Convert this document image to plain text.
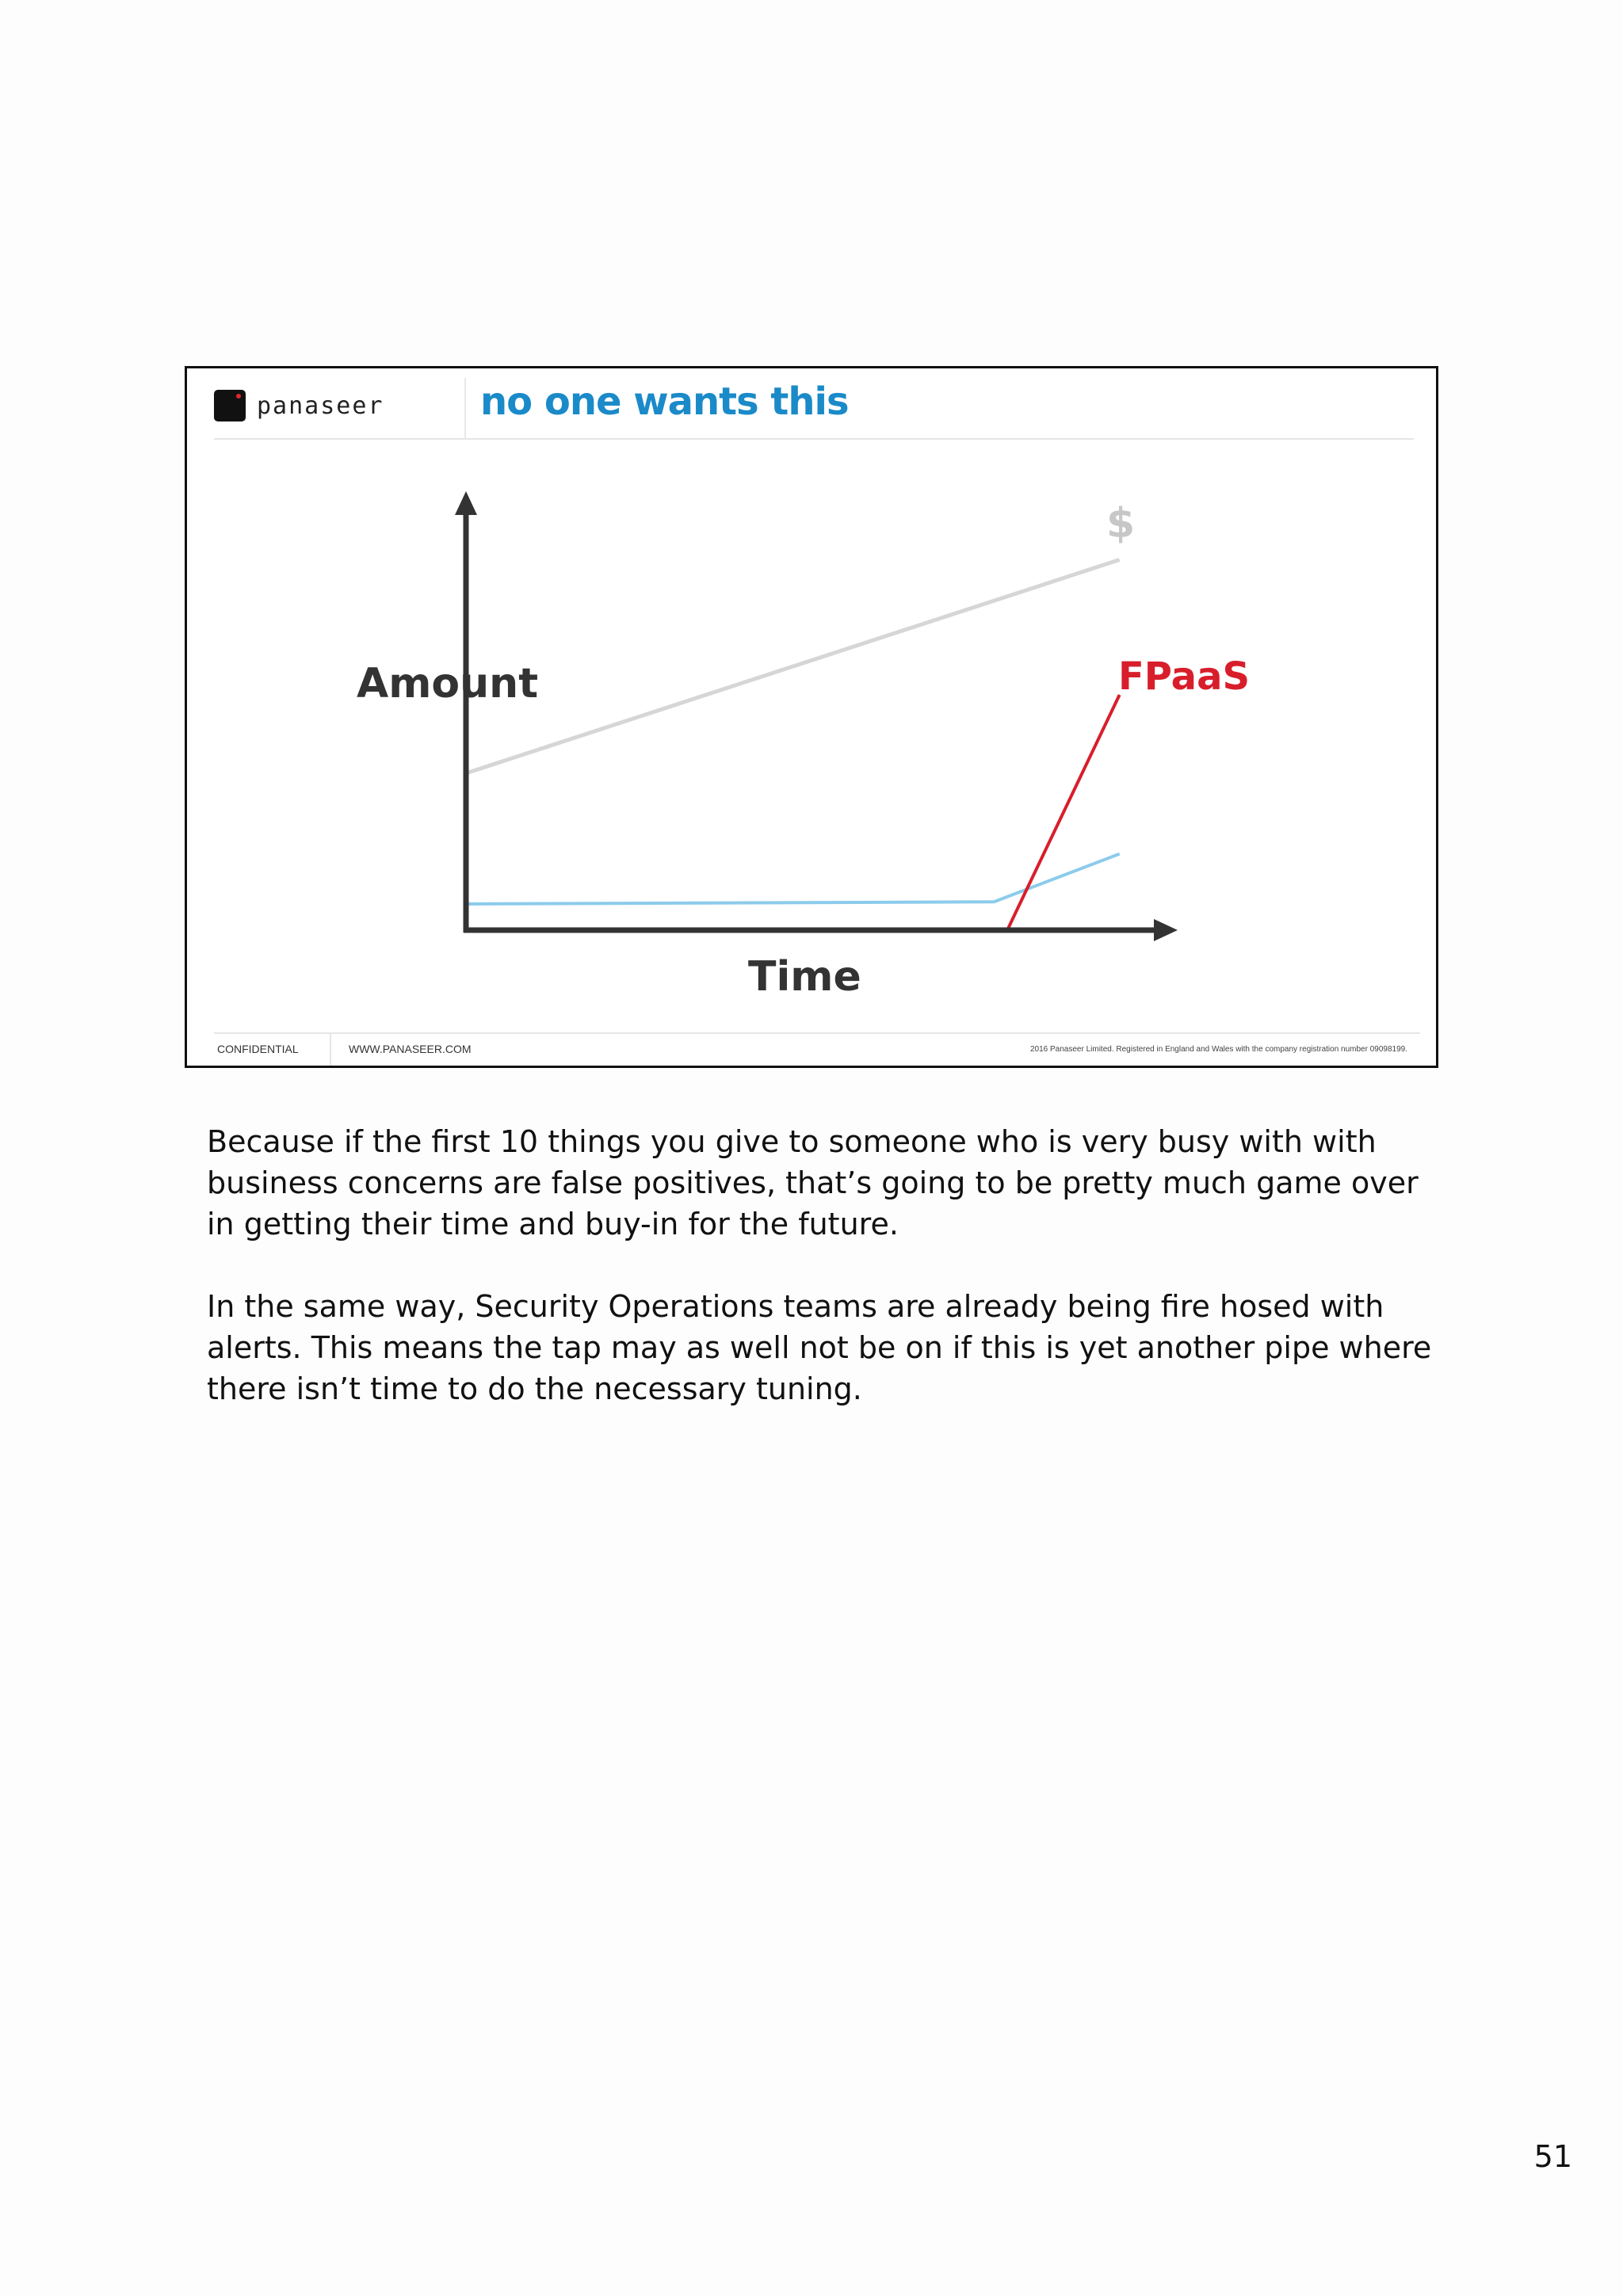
panaseer	no one wants this
Amount
Time
$
FPaaS
CONFIDENTIAL	WWW.PANASEER.COM	2016 Panaseer Limited. Registered in England and Wales with the company registration number 09098199.

Because if the first 10 things you give to someone who is very busy with with business concerns are false positives, that’s going to be pretty much game over in getting their time and buy-in for the future.

In the same way, Security Operations teams are already being fire hosed with alerts. This means the tap may as well not be on if this is yet another pipe where there isn’t time to do the necessary tuning.

51
